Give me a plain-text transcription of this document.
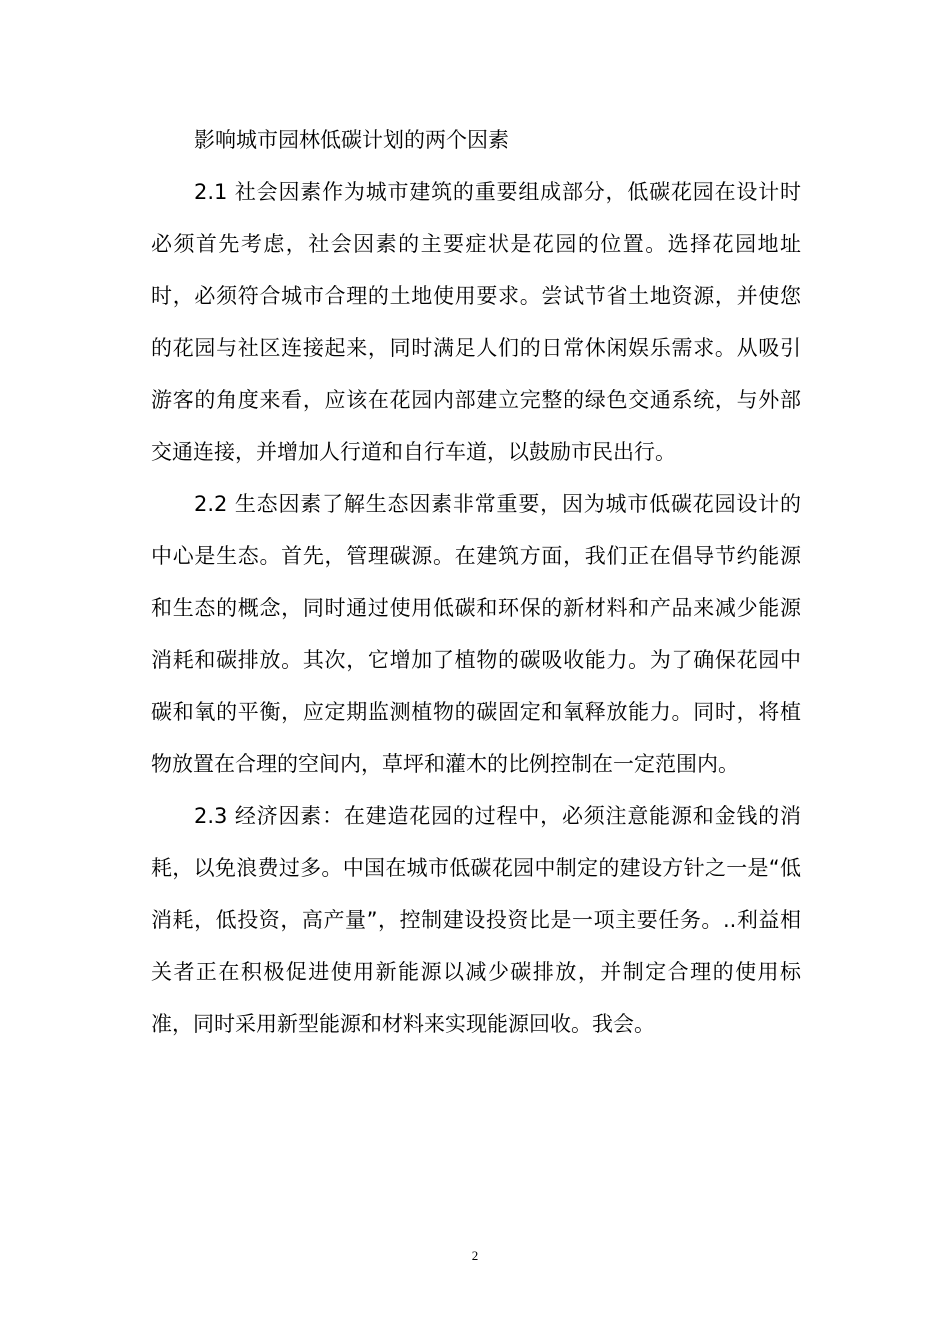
影响城市园林低碳计划的两个因素

2.1 社会因素作为城市建筑的重要组成部分，低碳花园在设计时必须首先考虑，社会因素的主要症状是花园的位置。选择花园地址时，必须符合城市合理的土地使用要求。尝试节省土地资源，并使您的花园与社区连接起来，同时满足人们的日常休闲娱乐需求。从吸引游客的角度来看，应该在花园内部建立完整的绿色交通系统，与外部交通连接，并增加人行道和自行车道，以鼓励市民出行。

2.2 生态因素了解生态因素非常重要，因为城市低碳花园设计的中心是生态。首先，管理碳源。在建筑方面，我们正在倡导节约能源和生态的概念，同时通过使用低碳和环保的新材料和产品来减少能源消耗和碳排放。其次，它增加了植物的碳吸收能力。为了确保花园中碳和氧的平衡，应定期监测植物的碳固定和氧释放能力。同时，将植物放置在合理的空间内，草坪和灌木的比例控制在一定范围内。

2.3 经济因素：在建造花园的过程中，必须注意能源和金钱的消耗，以免浪费过多。中国在城市低碳花园中制定的建设方针之一是“低消耗，低投资，高产量”，控制建设投资比是一项主要任务。..利益相关者正在积极促进使用新能源以减少碳排放，并制定合理的使用标准，同时采用新型能源和材料来实现能源回收。我会。

2
